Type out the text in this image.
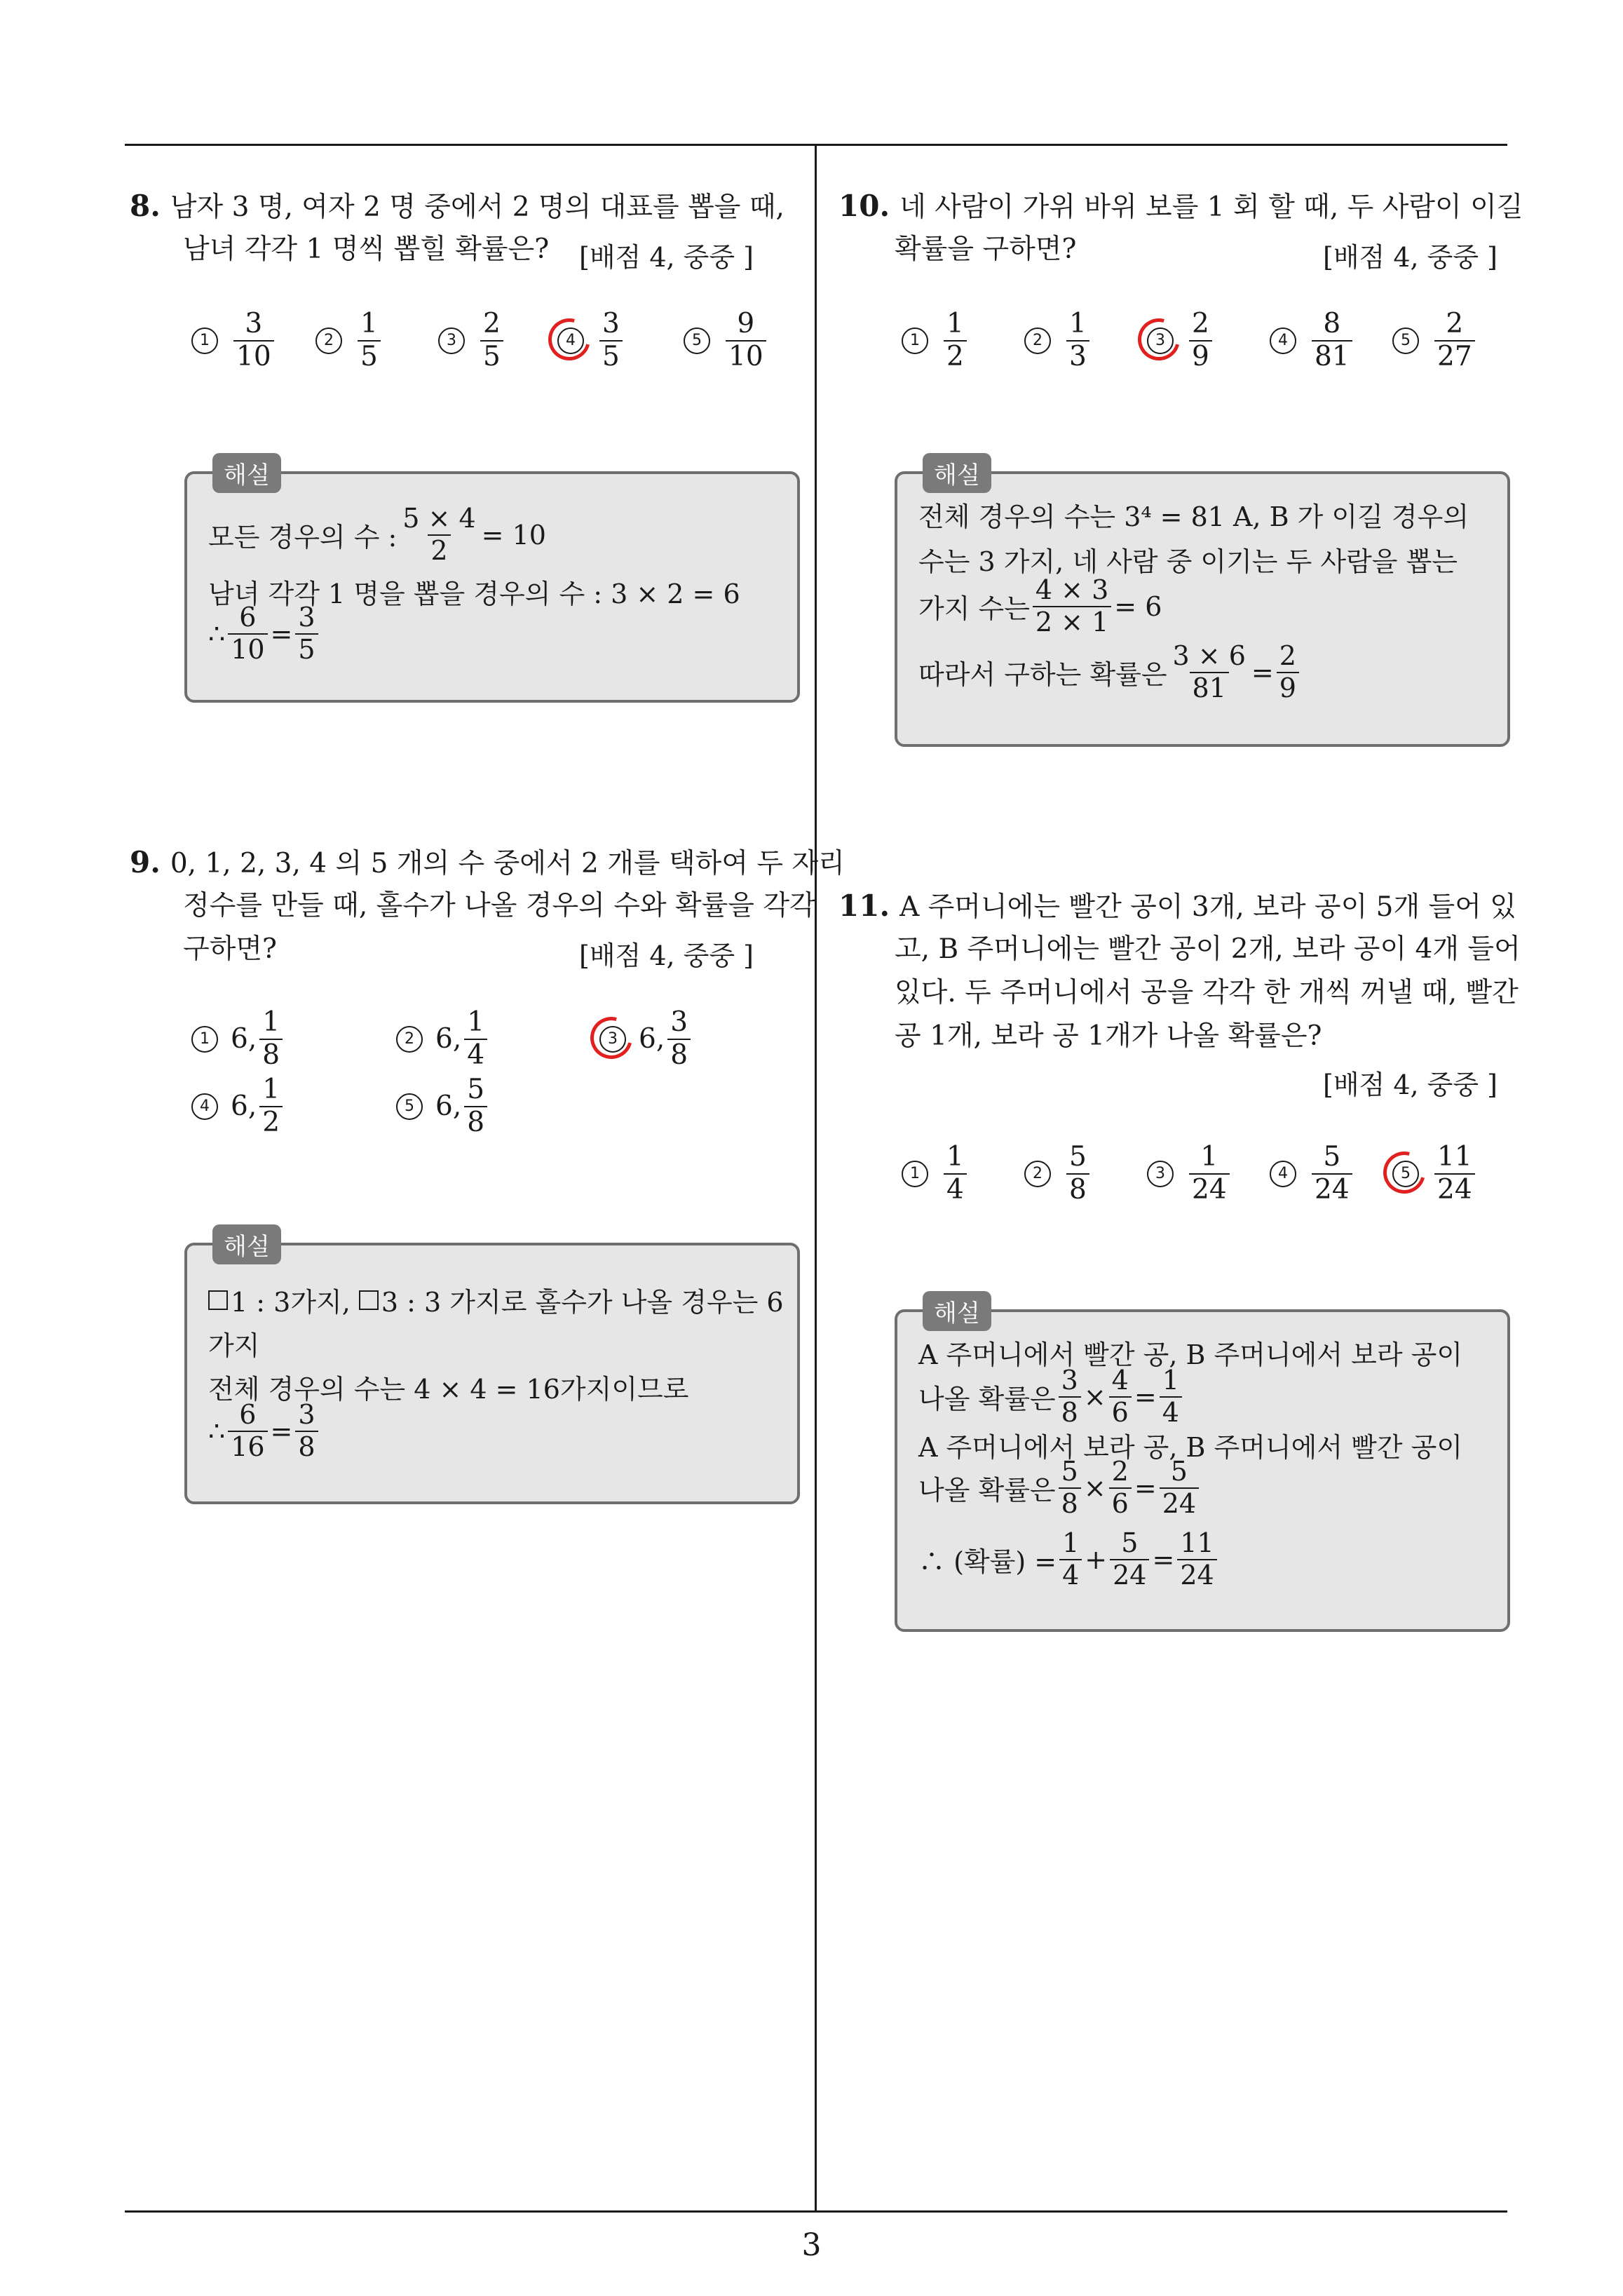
8. 남자 3 명, 여자 2 명 중에서 2 명의 대표를 뽑을 때,
남녀 각각 1 명씩 뽑힐 확률은? [배점 4, 중중 ]
$1 \frac{3}{10}$	$2 \frac{1}{5}$	$3 \frac{2}{5}$	$4 \frac{3}{5}$	$5 \frac{9}{10}$
해설
모든 경우의 수 : $\frac{5 \times 4}{2} = 10$
남녀 각각 1 명을 뽑을 경우의 수 : 3 × 2 = 6
∴ $\frac{6}{10} = \frac{3}{5}$
9. 0, 1, 2, 3, 4 의 5 개의 수 중에서 2 개를 택하여 두 자리
정수를 만들 때, 홀수가 나올 경우의 수와 확률을 각각
구하면?	[배점 4, 중중 ]
1 6, $\frac{1}{8}$	2 6, $\frac{1}{4}$	3 6, $\frac{3}{8}$
4 6, $\frac{1}{2}$	5 6, $\frac{5}{8}$
해설
1 : 3가지,
3 : 3 가지로 홀수가 나올 경우는 6
가지
전체 경우의 수는 4 × 4 = 16가지이므로
∴ $\frac{6}{16} = \frac{3}{8}$
10. 네 사람이 가위 바위 보를 1 회 할 때, 두 사람이 이길
확률을 구하면?	[배점 4, 중중 ]
$1 \frac{1}{2}$	$2 \frac{1}{3}$	$3 \frac{2}{9}$	$4 \frac{8}{81}$	$5 \frac{2}{27}$
해설
전체 경우의 수는 3⁴ = 81 A, B 가 이길 경우의
수는 3 가지, 네 사람 중 이기는 두 사람을 뽑는
가지 수는 $\frac{4 \times 3}{2 \times 1} = 6$
따라서 구하는 확률은 $\frac{3 \times 6}{81} = \frac{2}{9}$
11. A 주머니에는 빨간 공이 3개, 보라 공이 5개 들어 있
고, B 주머니에는 빨간 공이 2개, 보라 공이 4개 들어
있다. 두 주머니에서 공을 각각 한 개씩 꺼낼 때, 빨간
공 1개, 보라 공 1개가 나올 확률은?
[배점 4, 중중 ]
$1 \frac{1}{4}$	$2 \frac{5}{8}$	$3 \frac{1}{24}$	$4 \frac{5}{24}$	$5 \frac{11}{24}$
해설
A 주머니에서 빨간 공, B 주머니에서 보라 공이
나올 확률은 $\frac{3}{8} \times \frac{4}{6} = \frac{1}{4}$
A 주머니에서 보라 공, B 주머니에서 빨간 공이
나올 확률은 $\frac{5}{8} \times \frac{2}{6} = \frac{5}{24}$
∴ (확률) = $\frac{1}{4} + \frac{5}{24} = \frac{11}{24}$
3
